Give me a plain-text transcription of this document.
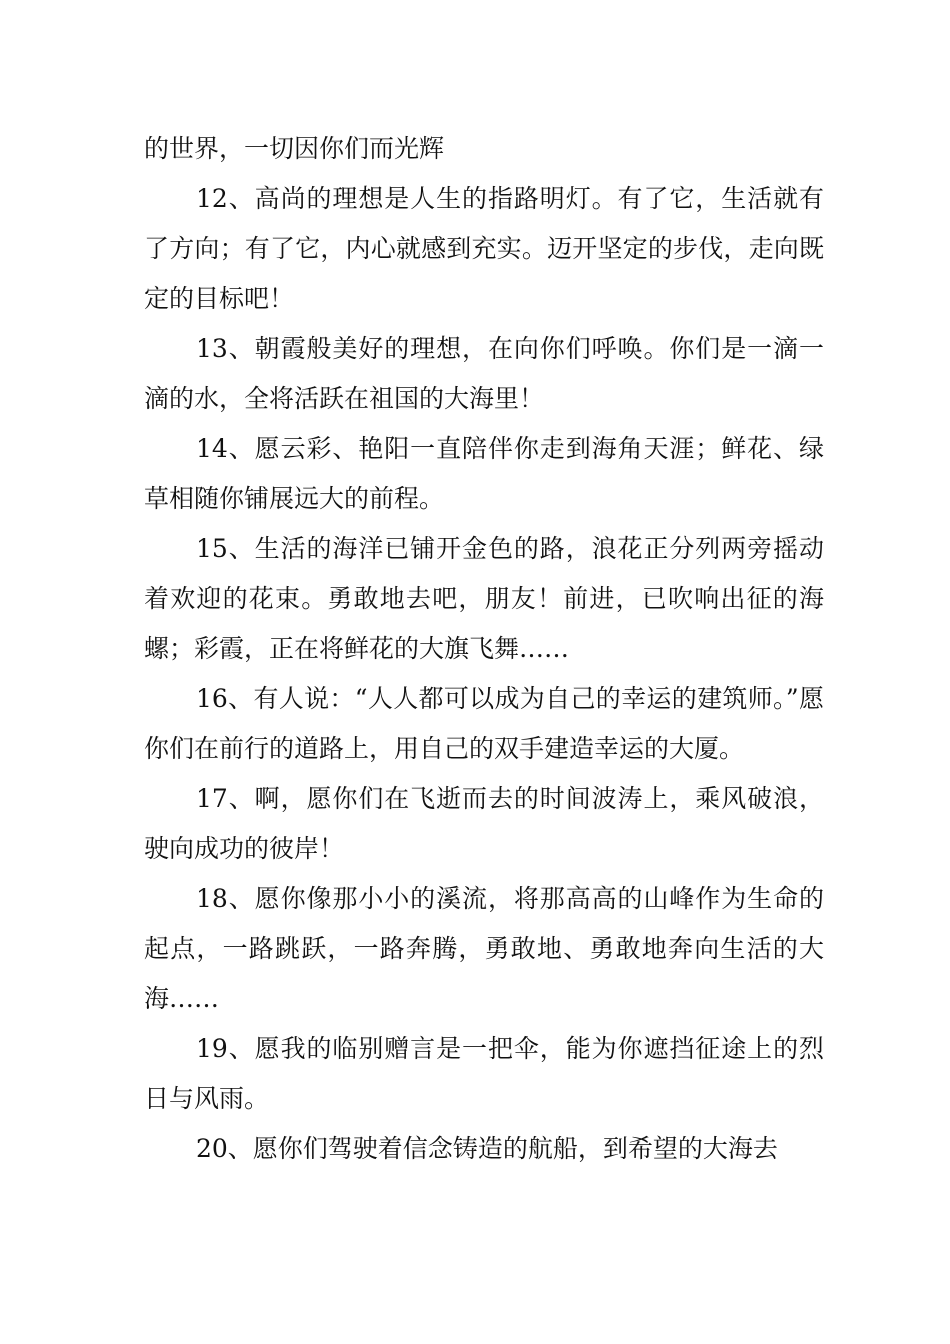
的世界，一切因你们而光辉

12、高尚的理想是人生的指路明灯。有了它，生活就有了方向；有了它，内心就感到充实。迈开坚定的步伐，走向既定的目标吧！

13、朝霞般美好的理想，在向你们呼唤。你们是一滴一滴的水，全将活跃在祖国的大海里！

14、愿云彩、艳阳一直陪伴你走到海角天涯；鲜花、绿草相随你铺展远大的前程。

15、生活的海洋已铺开金色的路，浪花正分列两旁摇动着欢迎的花束。勇敢地去吧，朋友！前进，已吹响出征的海螺；彩霞，正在将鲜花的大旗飞舞……

16、有人说：“人人都可以成为自己的幸运的建筑师。”愿你们在前行的道路上，用自己的双手建造幸运的大厦。

17、啊，愿你们在飞逝而去的时间波涛上，乘风破浪，驶向成功的彼岸！

18、愿你像那小小的溪流，将那高高的山峰作为生命的起点，一路跳跃，一路奔腾，勇敢地、勇敢地奔向生活的大海……

19、愿我的临别赠言是一把伞，能为你遮挡征途上的烈日与风雨。

20、愿你们驾驶着信念铸造的航船，到希望的大海去
